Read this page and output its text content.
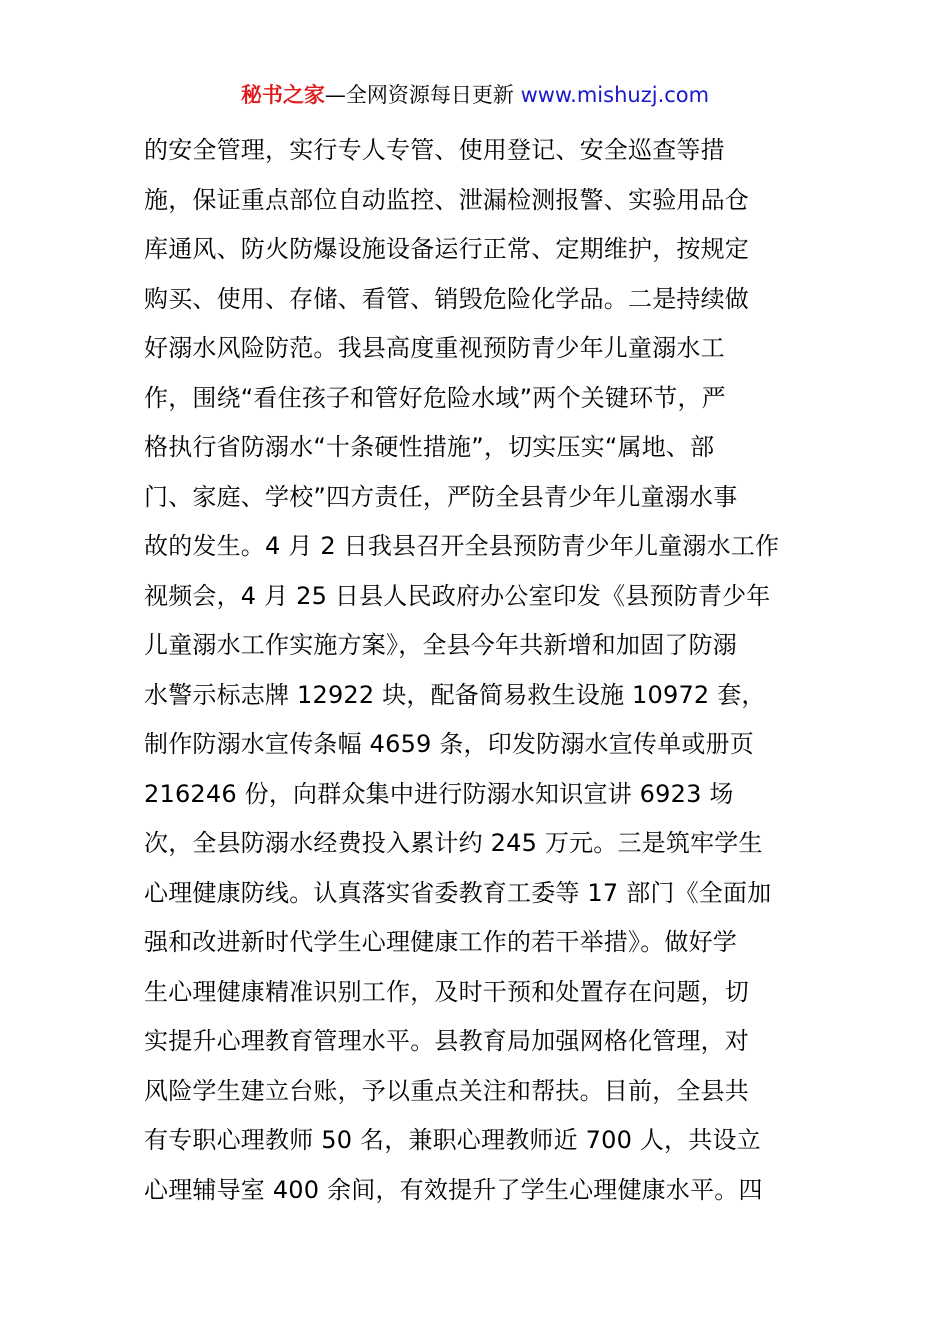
秘书之家—全网资源每日更新 www.mishuzj.com
的安全管理，实行专人专管、使用登记、安全巡查等措
施，保证重点部位自动监控、泄漏检测报警、实验用品仓
库通风、防火防爆设施设备运行正常、定期维护，按规定
购买、使用、存储、看管、销毁危险化学品。二是持续做
好溺水风险防范。我县高度重视预防青少年儿童溺水工
作，围绕“看住孩子和管好危险水域”两个关键环节，严
格执行省防溺水“十条硬性措施”，切实压实“属地、部
门、家庭、学校”四方责任，严防全县青少年儿童溺水事
故的发生。4 月 2 日我县召开全县预防青少年儿童溺水工作
视频会，4 月 25 日县人民政府办公室印发《县预防青少年
儿童溺水工作实施方案》，全县今年共新增和加固了防溺
水警示标志牌 12922 块，配备简易救生设施 10972 套，
制作防溺水宣传条幅 4659 条，印发防溺水宣传单或册页
216246 份，向群众集中进行防溺水知识宣讲 6923 场
次，全县防溺水经费投入累计约 245 万元。三是筑牢学生
心理健康防线。认真落实省委教育工委等 17 部门《全面加
强和改进新时代学生心理健康工作的若干举措》。做好学
生心理健康精准识别工作，及时干预和处置存在问题，切
实提升心理教育管理水平。县教育局加强网格化管理，对
风险学生建立台账，予以重点关注和帮扶。目前，全县共
有专职心理教师 50 名，兼职心理教师近 700 人，共设立
心理辅导室 400 余间，有效提升了学生心理健康水平。四
